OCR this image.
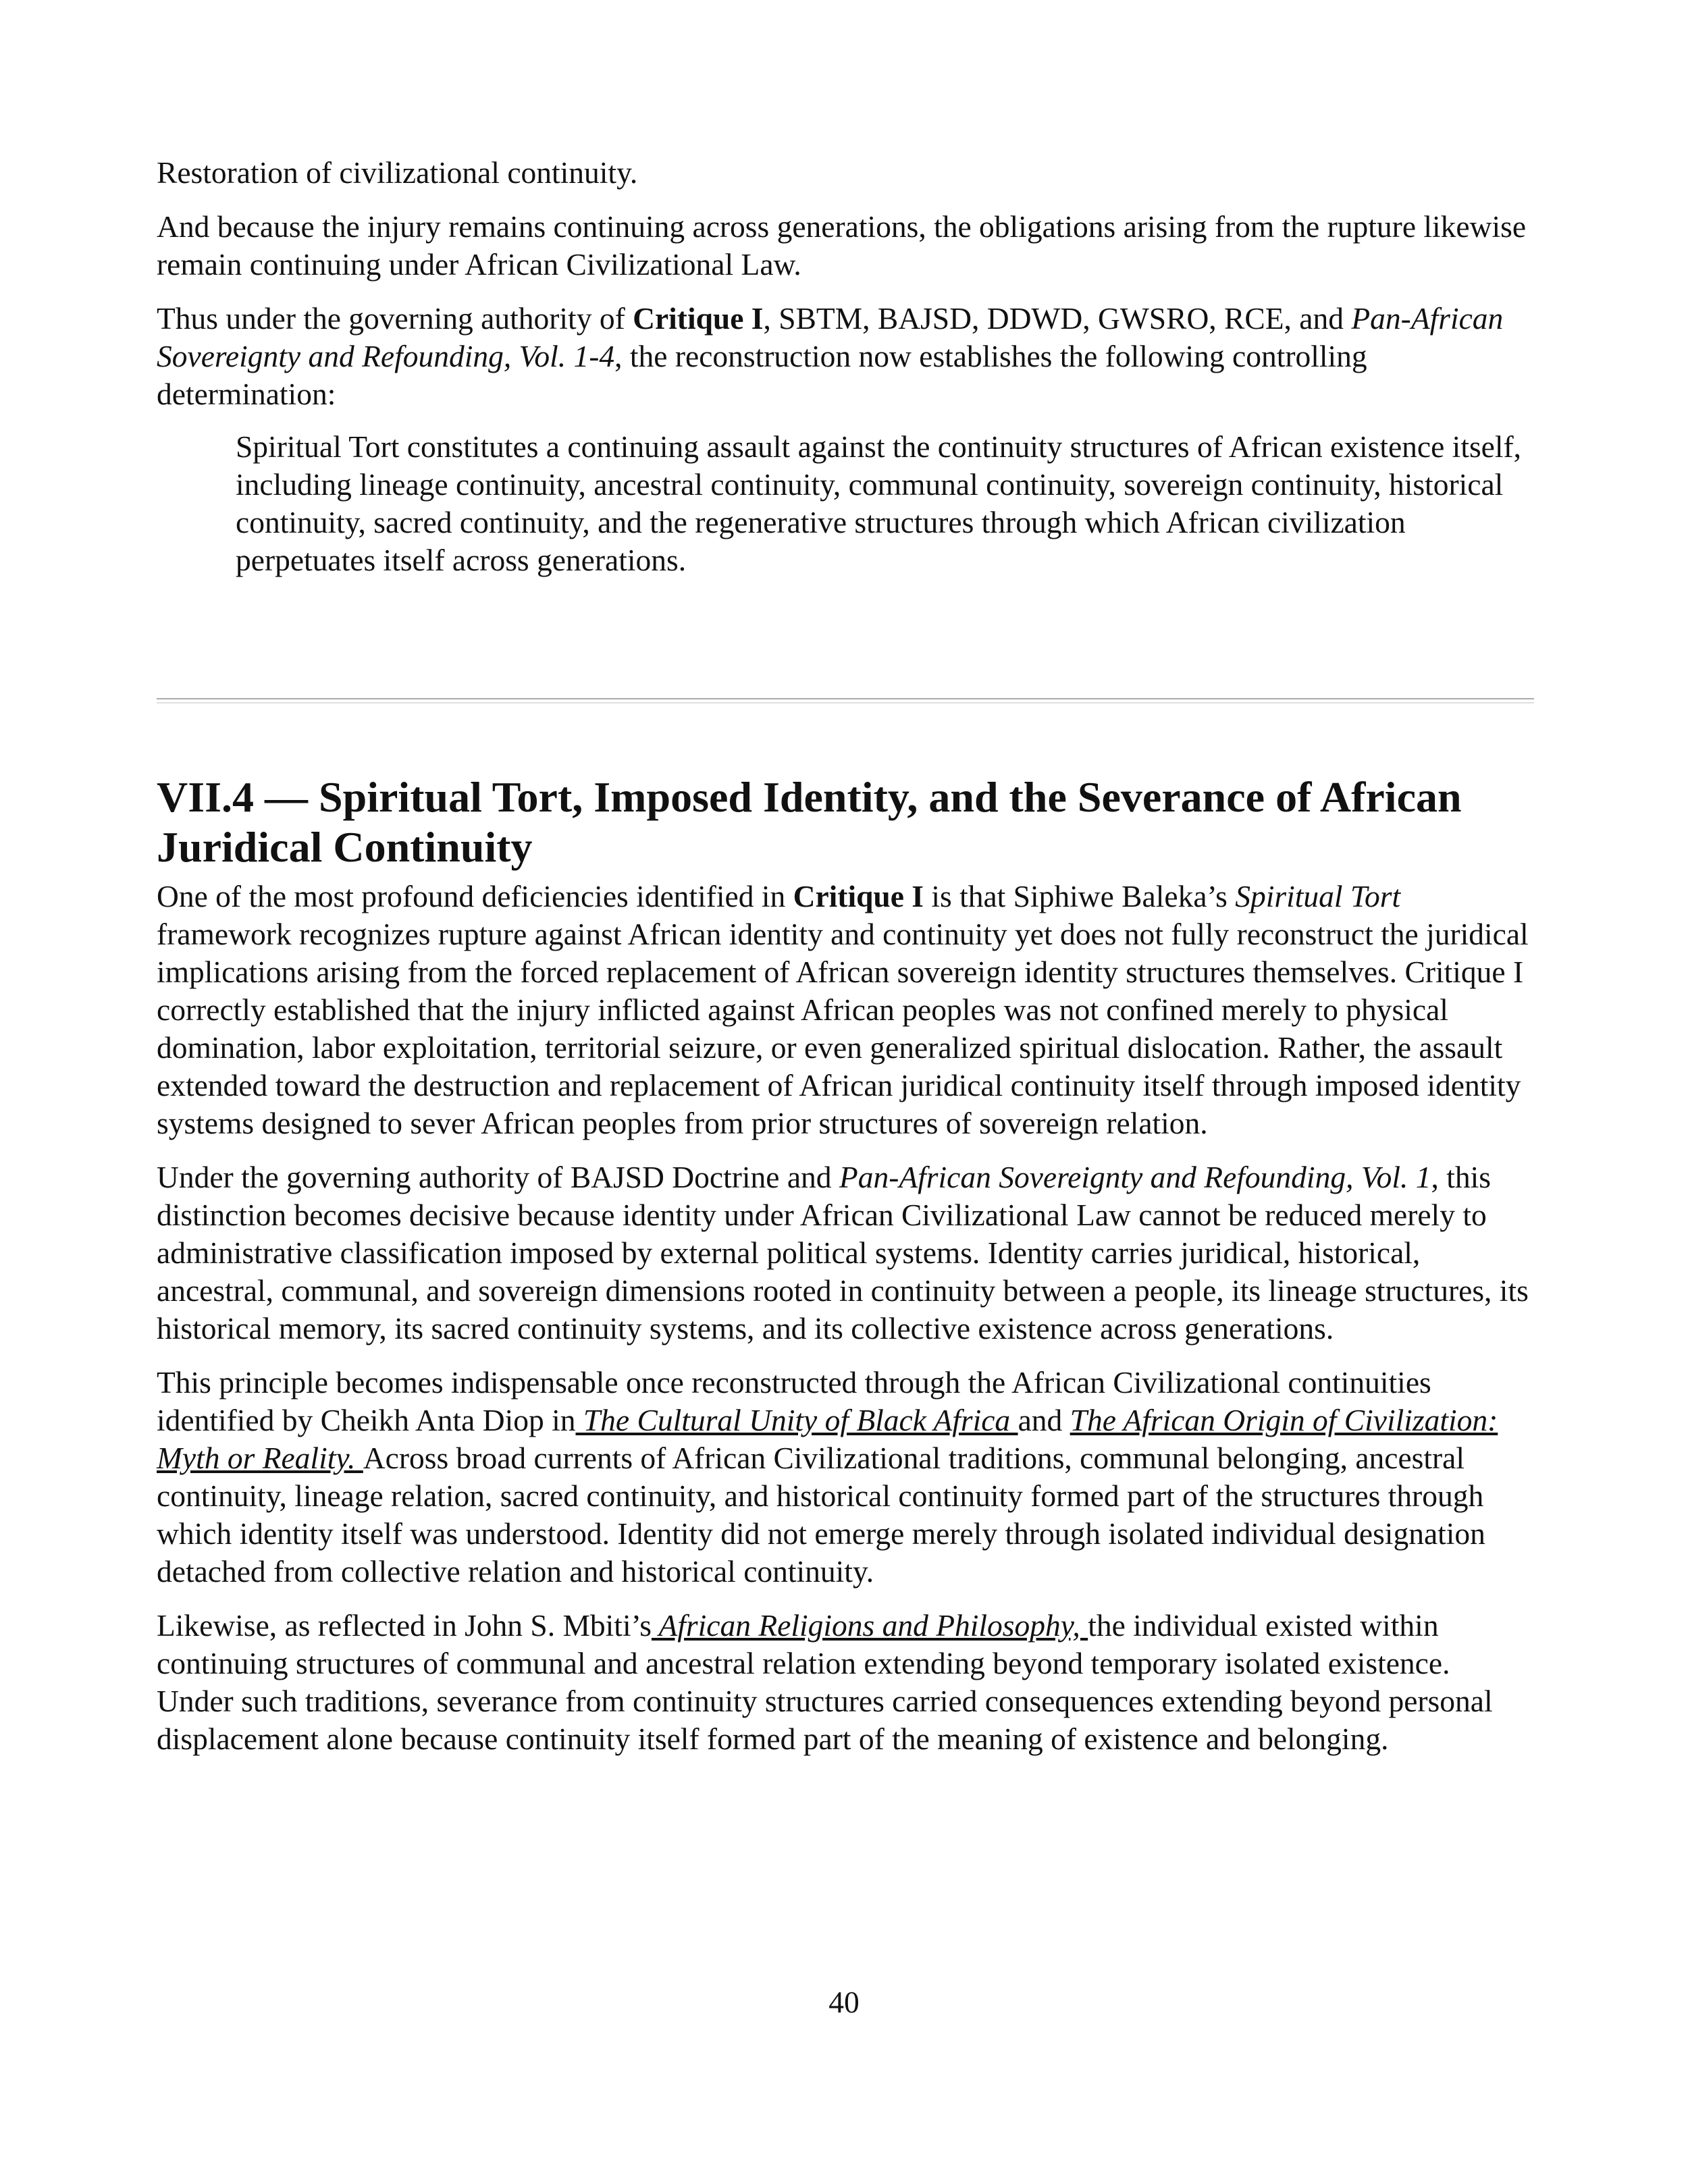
Restoration of civilizational continuity.

And because the injury remains continuing across generations, the obligations arising from the rupture likewise remain continuing under African Civilizational Law.

Thus under the governing authority of Critique I, SBTM, BAJSD, DDWD, GWSRO, RCE, and Pan-African Sovereignty and Refounding, Vol. 1-4, the reconstruction now establishes the following controlling determination:

Spiritual Tort constitutes a continuing assault against the continuity structures of African existence itself, including lineage continuity, ancestral continuity, communal continuity, sovereign continuity, historical continuity, sacred continuity, and the regenerative structures through which African civilization perpetuates itself across generations.

VII.4 — Spiritual Tort, Imposed Identity, and the Severance of African Juridical Continuity

One of the most profound deficiencies identified in Critique I is that Siphiwe Baleka’s Spiritual Tort framework recognizes rupture against African identity and continuity yet does not fully reconstruct the juridical implications arising from the forced replacement of African sovereign identity structures themselves. Critique I correctly established that the injury inflicted against African peoples was not confined merely to physical domination, labor exploitation, territorial seizure, or even generalized spiritual dislocation. Rather, the assault extended toward the destruction and replacement of African juridical continuity itself through imposed identity systems designed to sever African peoples from prior structures of sovereign relation.

Under the governing authority of BAJSD Doctrine and Pan-African Sovereignty and Refounding, Vol. 1, this distinction becomes decisive because identity under African Civilizational Law cannot be reduced merely to administrative classification imposed by external political systems. Identity carries juridical, historical, ancestral, communal, and sovereign dimensions rooted in continuity between a people, its lineage structures, its historical memory, its sacred continuity systems, and its collective existence across generations.

This principle becomes indispensable once reconstructed through the African Civilizational continuities identified by Cheikh Anta Diop in The Cultural Unity of Black Africa and The African Origin of Civilization: Myth or Reality. Across broad currents of African Civilizational traditions, communal belonging, ancestral continuity, lineage relation, sacred continuity, and historical continuity formed part of the structures through which identity itself was understood. Identity did not emerge merely through isolated individual designation detached from collective relation and historical continuity.

Likewise, as reflected in John S. Mbiti’s African Religions and Philosophy, the individual existed within continuing structures of communal and ancestral relation extending beyond temporary isolated existence. Under such traditions, severance from continuity structures carried consequences extending beyond personal displacement alone because continuity itself formed part of the meaning of existence and belonging.

40
